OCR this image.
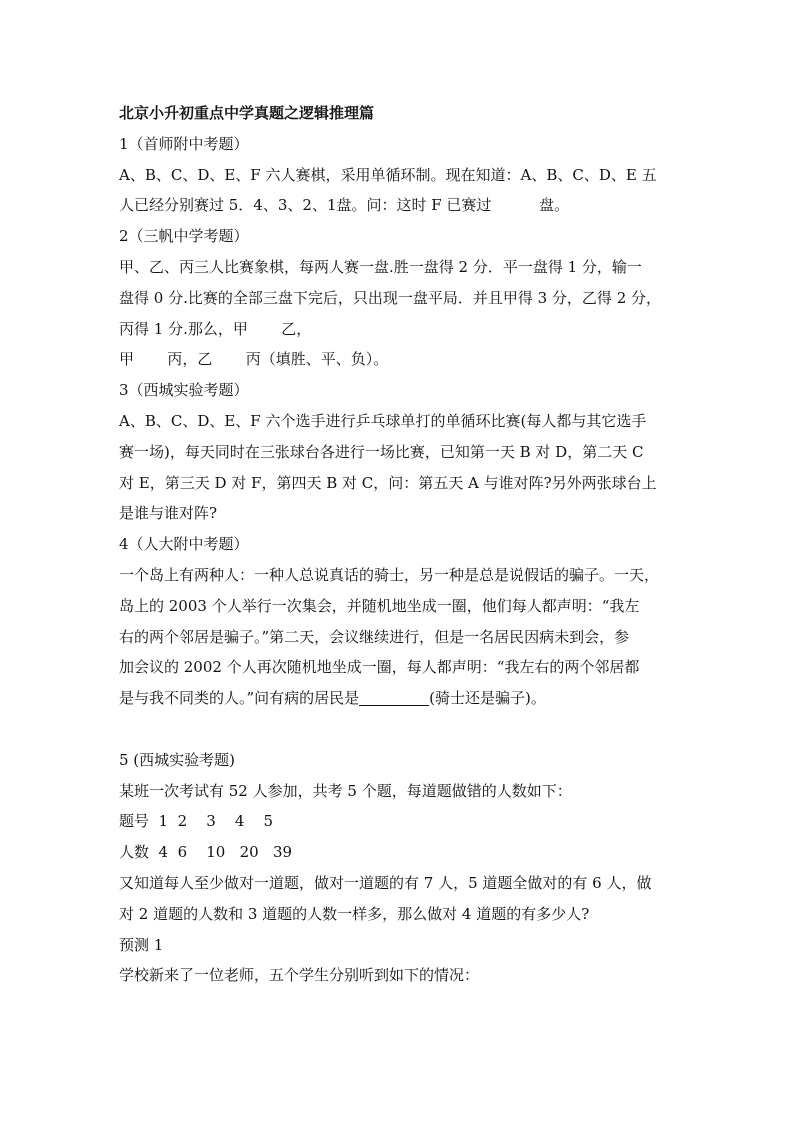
北京小升初重点中学真题之逻辑推理篇
1（首师附中考题）
A、B、C、D、E、F 六人赛棋，采用单循环制。现在知道：A、B、C、D、E 五
人已经分别赛过 5．4、3、2、1盘。问：这时 F 已赛过          盘。
2（三帆中学考题）
甲、乙、丙三人比赛象棋，每两人赛一盘.胜一盘得 2 分．平一盘得 1 分，输一
盘得 0 分.比赛的全部三盘下完后，只出现一盘平局．并且甲得 3 分，乙得 2 分，
丙得 1 分.那么，甲       乙，
甲       丙，乙       丙（填胜、平、负）。
3（西城实验考题）
A、B、C、D、E、F 六个选手进行乒乓球单打的单循环比赛(每人都与其它选手
赛一场)，每天同时在三张球台各进行一场比赛，已知第一天 B 对 D，第二天 C
对 E，第三天 D 对 F，第四天 B 对 C，问：第五天 A 与谁对阵?另外两张球台上
是谁与谁对阵?
4（人大附中考题）
一个岛上有两种人：一种人总说真话的骑士，另一种是总是说假话的骗子。一天，
岛上的 2003 个人举行一次集会，并随机地坐成一圈，他们每人都声明：“我左
右的两个邻居是骗子。”第二天，会议继续进行，但是一名居民因病未到会，参
加会议的 2002 个人再次随机地坐成一圈，每人都声明：“我左右的两个邻居都
是与我不同类的人。”问有病的居民是	(骑士还是骗子)。
5 (西城实验考题)
某班一次考试有 52 人参加，共考 5 个题，每道题做错的人数如下：
题号  1  2    3    4    5
人数  4  6    10   20   39
又知道每人至少做对一道题，做对一道题的有 7 人，5 道题全做对的有 6 人，做
对 2 道题的人数和 3 道题的人数一样多，那么做对 4 道题的有多少人?
预测 1
学校新来了一位老师，五个学生分别听到如下的情况：
